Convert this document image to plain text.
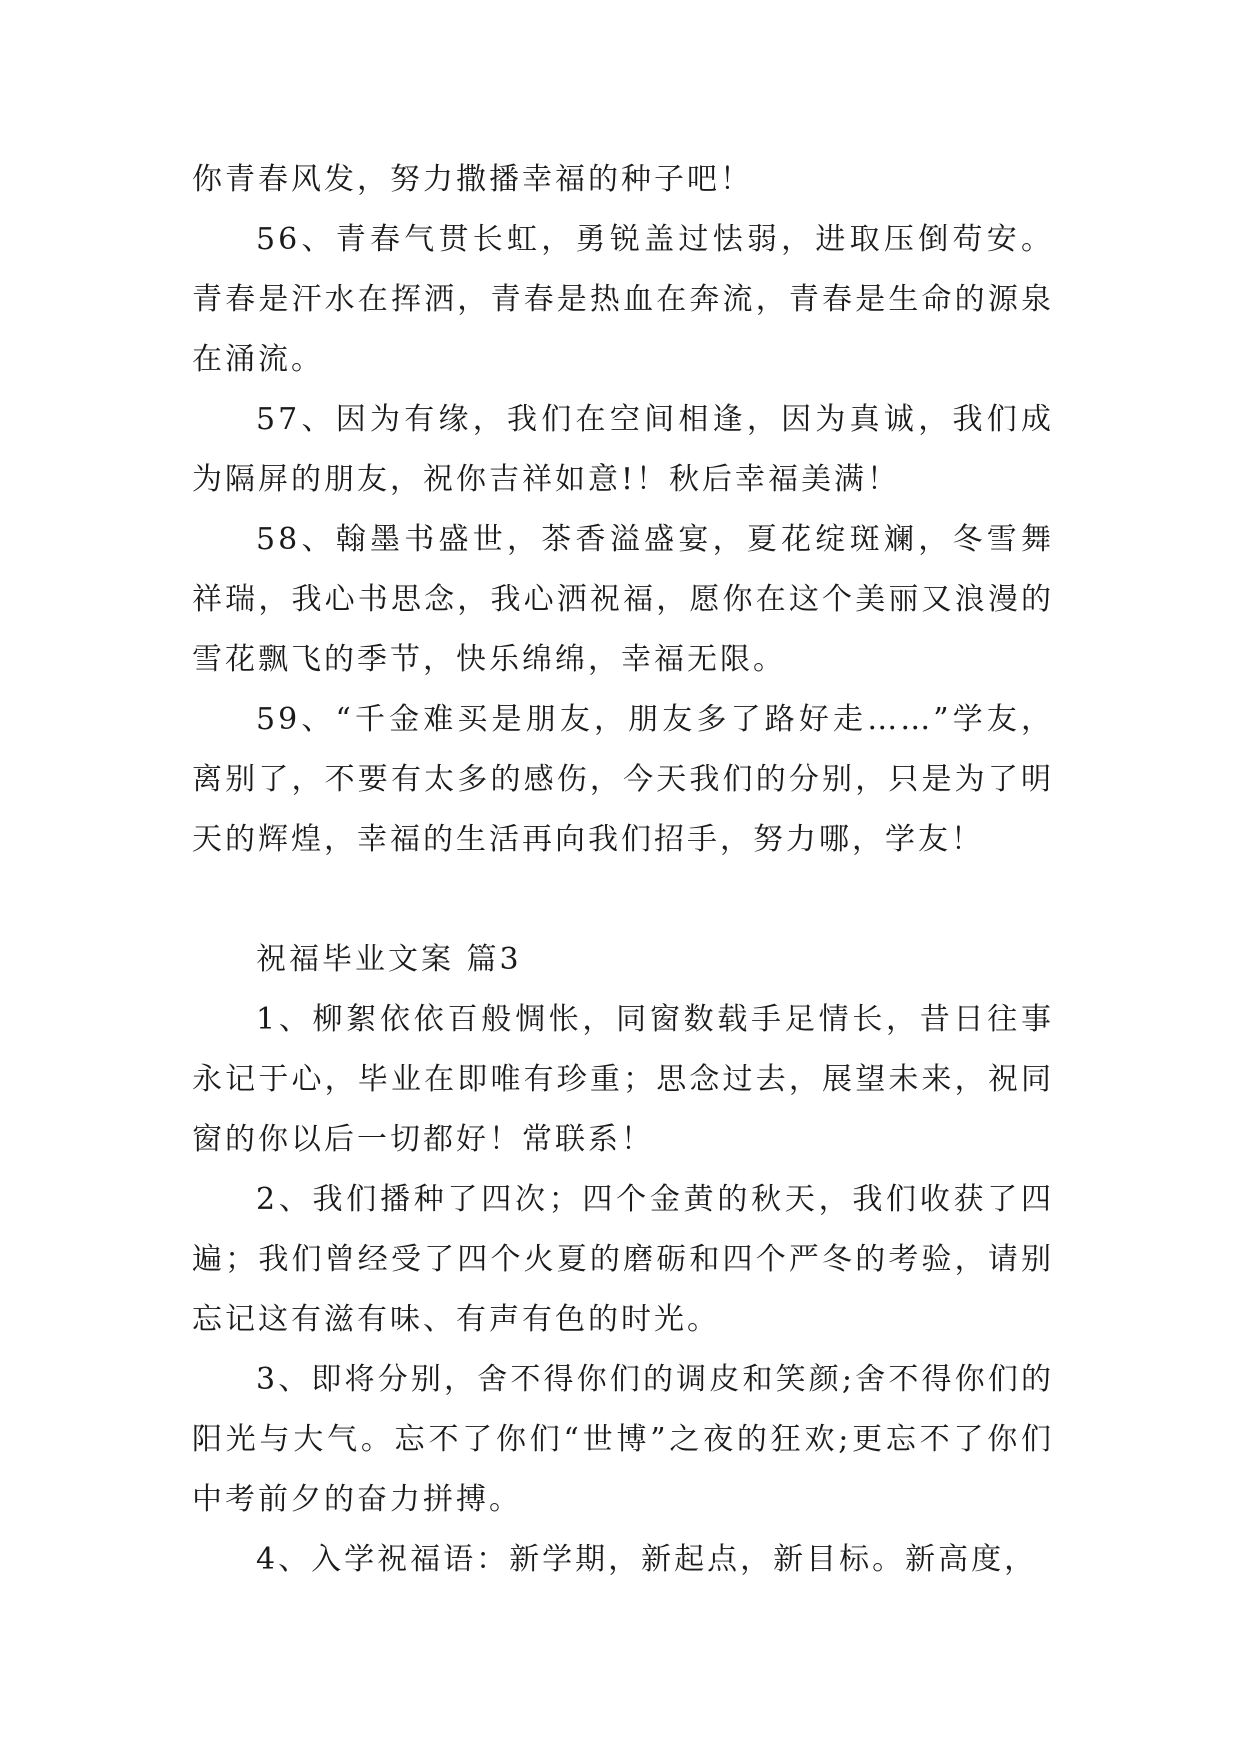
你青春风发，努力撒播幸福的种子吧！

56、青春气贯长虹，勇锐盖过怯弱，进取压倒苟安。青春是汗水在挥洒，青春是热血在奔流，青春是生命的源泉在涌流。

57、因为有缘，我们在空间相逢，因为真诚，我们成为隔屏的朋友，祝你吉祥如意!！秋后幸福美满！

58、翰墨书盛世，茶香溢盛宴，夏花绽斑斓，冬雪舞祥瑞，我心书思念，我心洒祝福，愿你在这个美丽又浪漫的雪花飘飞的季节，快乐绵绵，幸福无限。

59、“千金难买是朋友，朋友多了路好走……”学友，离别了，不要有太多的感伤，今天我们的分别，只是为了明天的辉煌，幸福的生活再向我们招手，努力哪，学友！

祝福毕业文案 篇3

1、柳絮依依百般惆怅，同窗数载手足情长，昔日往事永记于心，毕业在即唯有珍重；思念过去，展望未来，祝同窗的你以后一切都好！常联系！

2、我们播种了四次；四个金黄的秋天，我们收获了四遍；我们曾经受了四个火夏的磨砺和四个严冬的考验，请别忘记这有滋有味、有声有色的时光。

3、即将分别，舍不得你们的调皮和笑颜;舍不得你们的阳光与大气。忘不了你们“世博”之夜的狂欢;更忘不了你们中考前夕的奋力拼搏。

4、入学祝福语：新学期，新起点，新目标。新高度，
